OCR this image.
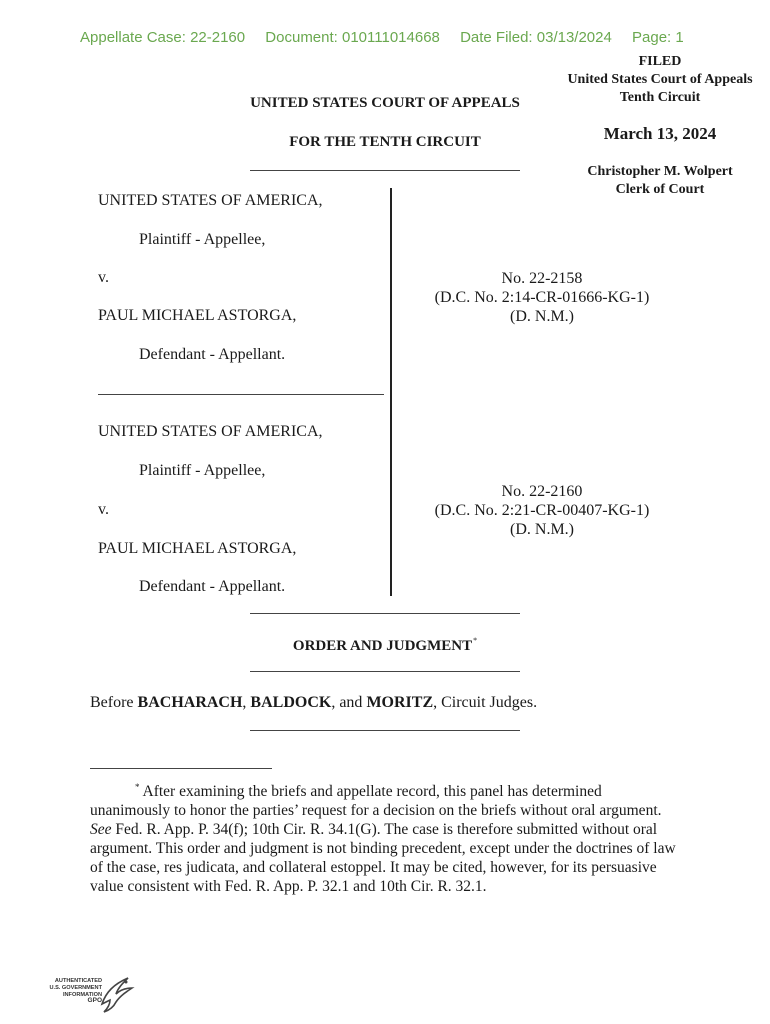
Appellate Case: 22-2160 Document: 010111014668 Date Filed: 03/13/2024 Page: 1
FILED
United States Court of Appeals
Tenth Circuit
March 13, 2024
Christopher M. Wolpert
Clerk of Court
UNITED STATES COURT OF APPEALS
FOR THE TENTH CIRCUIT
UNITED STATES OF AMERICA,
Plaintiff - Appellee,
v.
PAUL MICHAEL ASTORGA,
Defendant - Appellant.
No. 22-2158
(D.C. No. 2:14-CR-01666-KG-1)
(D. N.M.)
UNITED STATES OF AMERICA,
Plaintiff - Appellee,
v.
PAUL MICHAEL ASTORGA,
Defendant - Appellant.
No. 22-2160
(D.C. No. 2:21-CR-00407-KG-1)
(D. N.M.)
ORDER AND JUDGMENT*
Before BACHARACH, BALDOCK, and MORITZ, Circuit Judges.
* After examining the briefs and appellate record, this panel has determined unanimously to honor the parties’ request for a decision on the briefs without oral argument. See Fed. R. App. P. 34(f); 10th Cir. R. 34.1(G). The case is therefore submitted without oral argument. This order and judgment is not binding precedent, except under the doctrines of law of the case, res judicata, and collateral estoppel. It may be cited, however, for its persuasive value consistent with Fed. R. App. P. 32.1 and 10th Cir. R. 32.1.
AUTHENTICATED
U.S. GOVERNMENT
INFORMATION
GPO
